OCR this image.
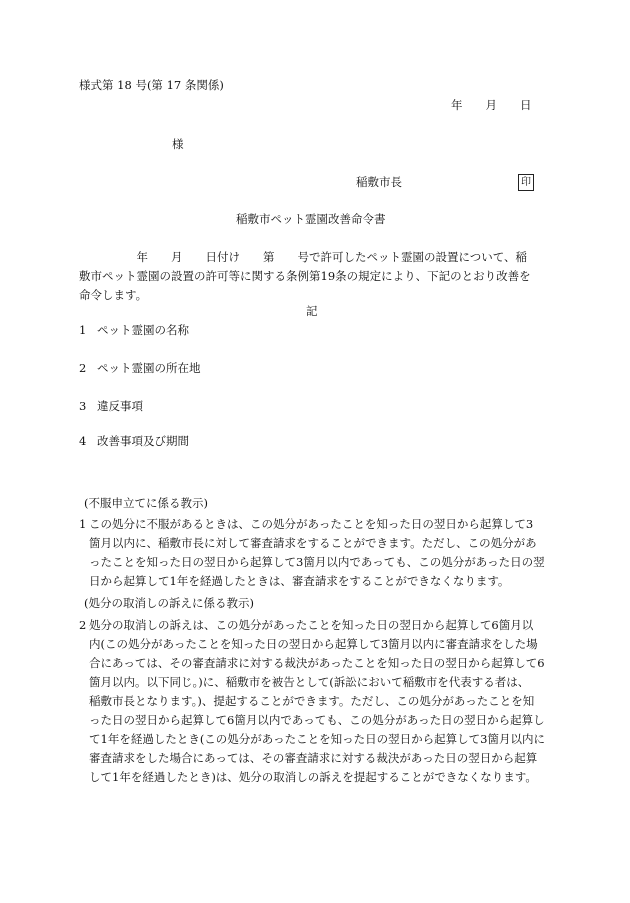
様式第 18 号(第 17 条関係)
年　　月　　日
様
稲敷市長	印
稲敷市ペット霊園改善命令書
　　　　　年　　月　　日付け　　第　　号で許可したペット霊園の設置について、稲
敷市ペット霊園の設置の許可等に関する条例第19条の規定により、下記のとおり改善を
命令します。
記
1 ペット霊園の名称
2 ペット霊園の所在地
3 違反事項
4 改善事項及び期間
(不服申立てに係る教示)
1 この処分に不服があるときは、この処分があったことを知った日の翌日から起算して3
箇月以内に、稲敷市長に対して審査請求をすることができます。ただし、この処分があ
ったことを知った日の翌日から起算して3箇月以内であっても、この処分があった日の翌
日から起算して1年を経過したときは、審査請求をすることができなくなります。
(処分の取消しの訴えに係る教示)
2 処分の取消しの訴えは、この処分があったことを知った日の翌日から起算して6箇月以
内(この処分があったことを知った日の翌日から起算して3箇月以内に審査請求をした場
合にあっては、その審査請求に対する裁決があったことを知った日の翌日から起算して6
箇月以内。以下同じ。)に、稲敷市を被告として(訴訟において稲敷市を代表する者は、
稲敷市長となります。)、提起することができます。ただし、この処分があったことを知
った日の翌日から起算して6箇月以内であっても、この処分があった日の翌日から起算し
て1年を経過したとき(この処分があったことを知った日の翌日から起算して3箇月以内に
審査請求をした場合にあっては、その審査請求に対する裁決があった日の翌日から起算
して1年を経過したとき)は、処分の取消しの訴えを提起することができなくなります。
